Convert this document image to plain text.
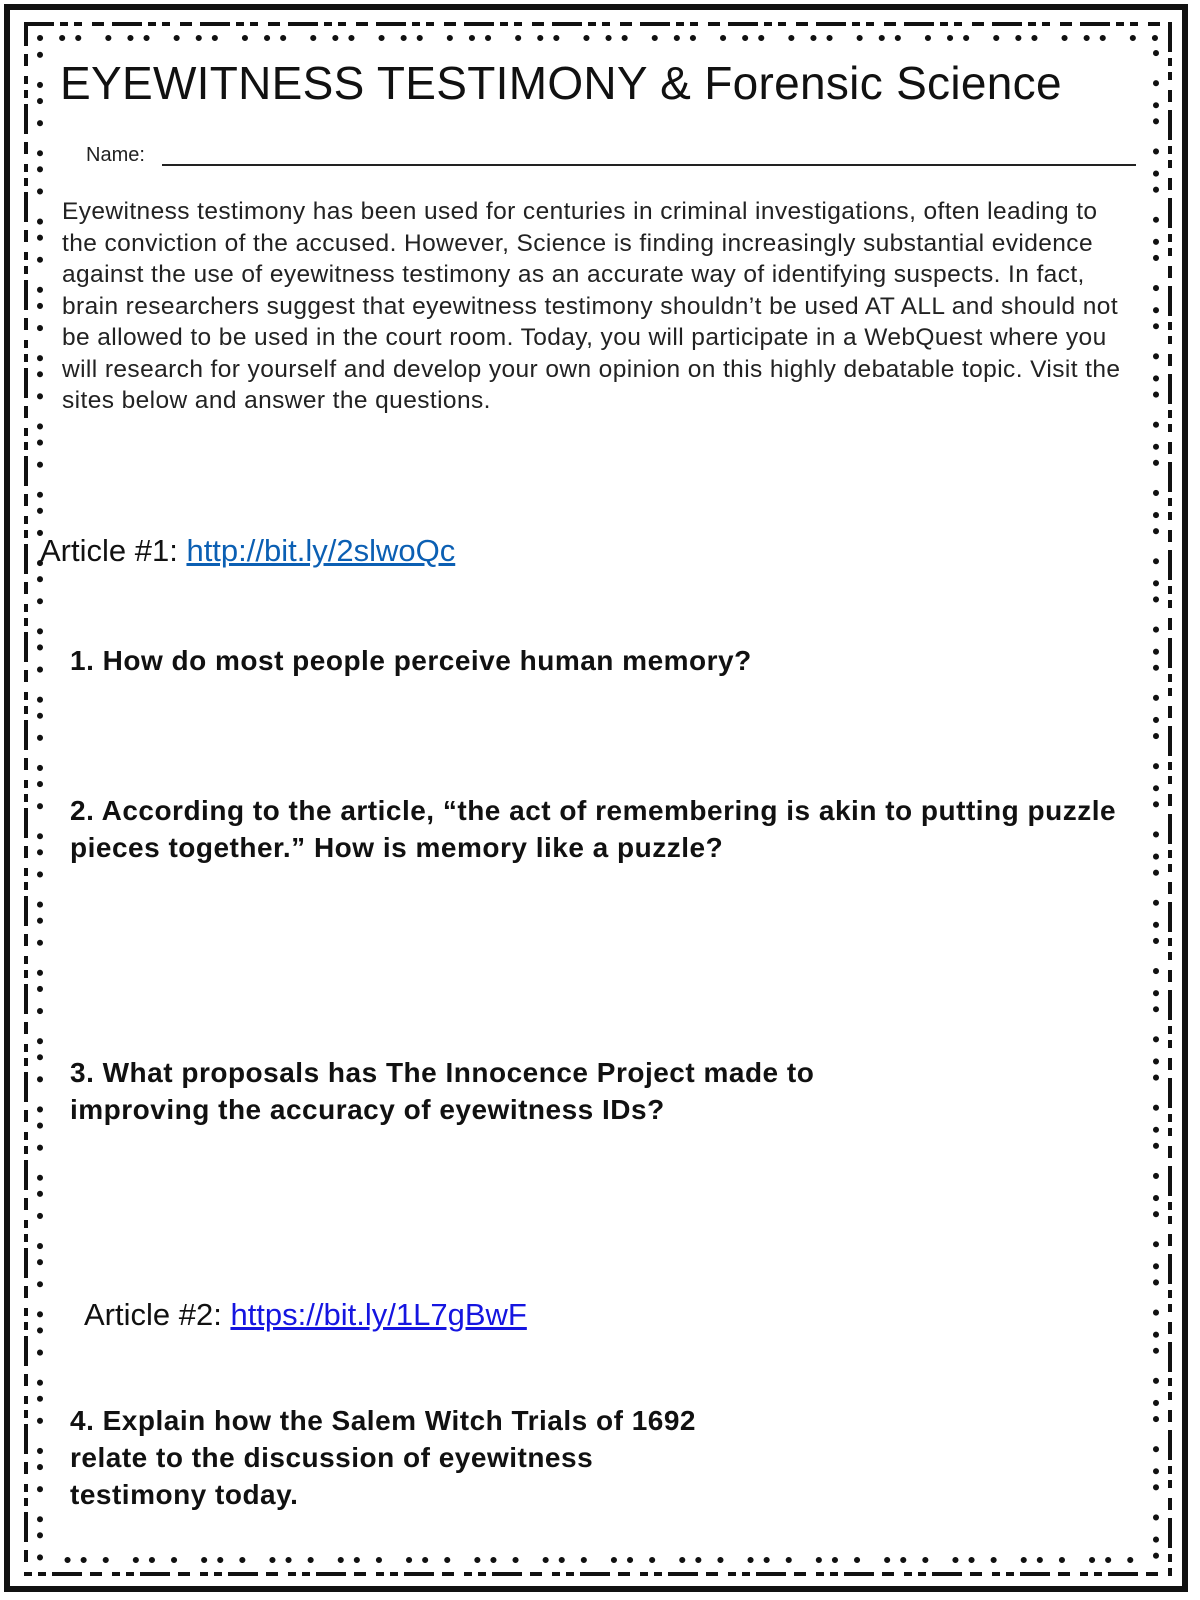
EYEWITNESS TESTIMONY & Forensic Science
Name:
Eyewitness testimony has been used for centuries in criminal investigations, often leading to the conviction of the accused. However, Science is finding increasingly substantial evidence against the use of eyewitness testimony as an accurate way of identifying suspects. In fact, brain researchers suggest that eyewitness testimony shouldn’t be used AT ALL and should not be allowed to be used in the court room. Today, you will participate in a WebQuest where you will research for yourself and develop your own opinion on this highly debatable topic. Visit the sites below and answer the questions.
Article #1: http://bit.ly/2slwoQc
1. How do most people perceive human memory?
2. According to the article, “the act of remembering is akin to putting puzzle pieces together.” How is memory like a puzzle?
3. What proposals has The Innocence Project made to improving the accuracy of eyewitness IDs?
Article #2: https://bit.ly/1L7gBwF
4. Explain how the Salem Witch Trials of 1692 relate to the discussion of eyewitness testimony today.
